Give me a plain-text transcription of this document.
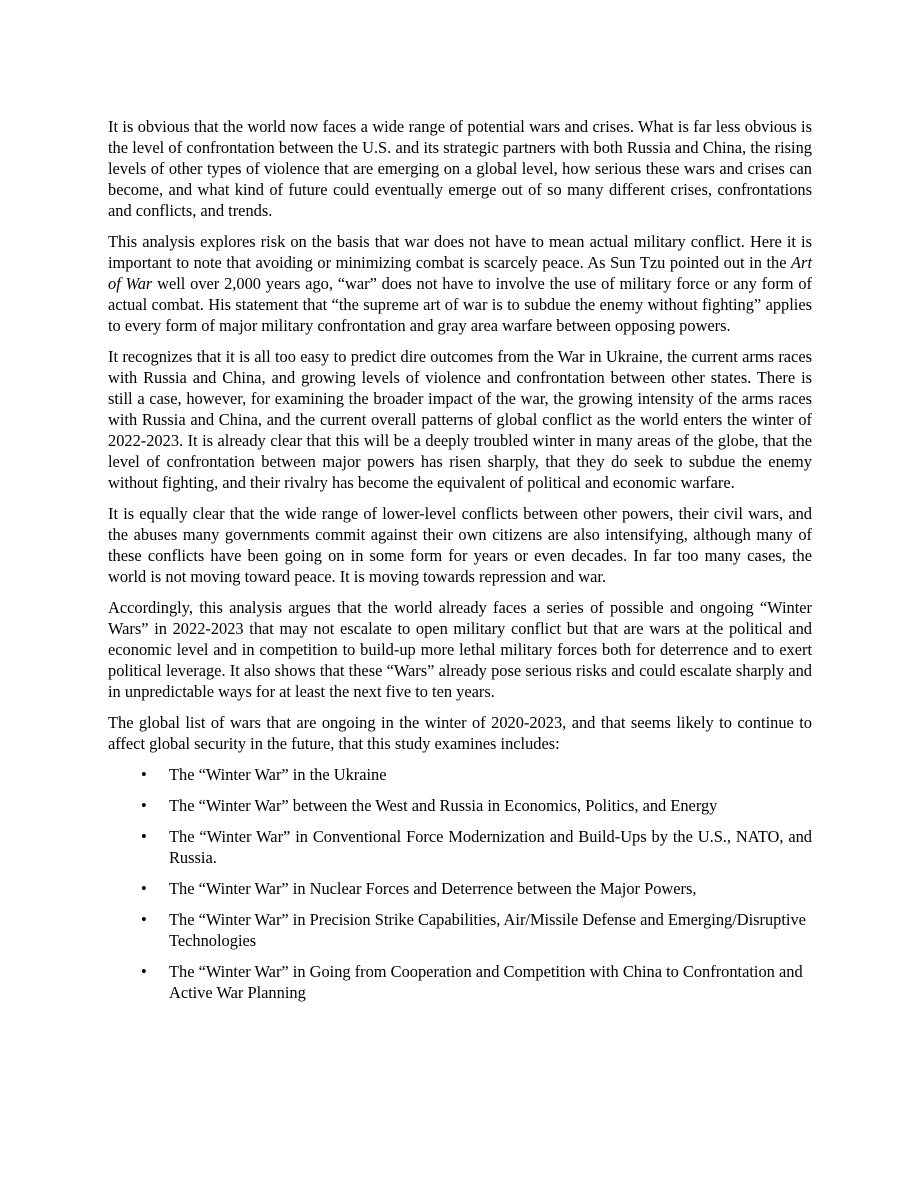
It is obvious that the world now faces a wide range of potential wars and crises. What is far less obvious is the level of confrontation between the U.S. and its strategic partners with both Russia and China, the rising levels of other types of violence that are emerging on a global level, how serious these wars and crises can become, and what kind of future could eventually emerge out of so many different crises, confrontations and conflicts, and trends.

This analysis explores risk on the basis that war does not have to mean actual military conflict. Here it is important to note that avoiding or minimizing combat is scarcely peace. As Sun Tzu pointed out in the Art of War well over 2,000 years ago, “war” does not have to involve the use of military force or any form of actual combat. His statement that “the supreme art of war is to subdue the enemy without fighting” applies to every form of major military confrontation and gray area warfare between opposing powers.

It recognizes that it is all too easy to predict dire outcomes from the War in Ukraine, the current arms races with Russia and China, and growing levels of violence and confrontation between other states. There is still a case, however, for examining the broader impact of the war, the growing intensity of the arms races with Russia and China, and the current overall patterns of global conflict as the world enters the winter of 2022-2023. It is already clear that this will be a deeply troubled winter in many areas of the globe, that the level of confrontation between major powers has risen sharply, that they do seek to subdue the enemy without fighting, and their rivalry has become the equivalent of political and economic warfare.

It is equally clear that the wide range of lower-level conflicts between other powers, their civil wars, and the abuses many governments commit against their own citizens are also intensifying, although many of these conflicts have been going on in some form for years or even decades. In far too many cases, the world is not moving toward peace. It is moving towards repression and war.

Accordingly, this analysis argues that the world already faces a series of possible and ongoing “Winter Wars” in 2022-2023 that may not escalate to open military conflict but that are wars at the political and economic level and in competition to build-up more lethal military forces both for deterrence and to exert political leverage. It also shows that these “Wars” already pose serious risks and could escalate sharply and in unpredictable ways for at least the next five to ten years.

The global list of wars that are ongoing in the winter of 2020-2023, and that seems likely to continue to affect global security in the future, that this study examines includes:

• The “Winter War” in the Ukraine
• The “Winter War” between the West and Russia in Economics, Politics, and Energy
• The “Winter War” in Conventional Force Modernization and Build-Ups by the U.S., NATO, and Russia.
• The “Winter War” in Nuclear Forces and Deterrence between the Major Powers,
• The “Winter War” in Precision Strike Capabilities, Air/Missile Defense and Emerging/Disruptive Technologies
• The “Winter War” in Going from Cooperation and Competition with China to Confrontation and Active War Planning
